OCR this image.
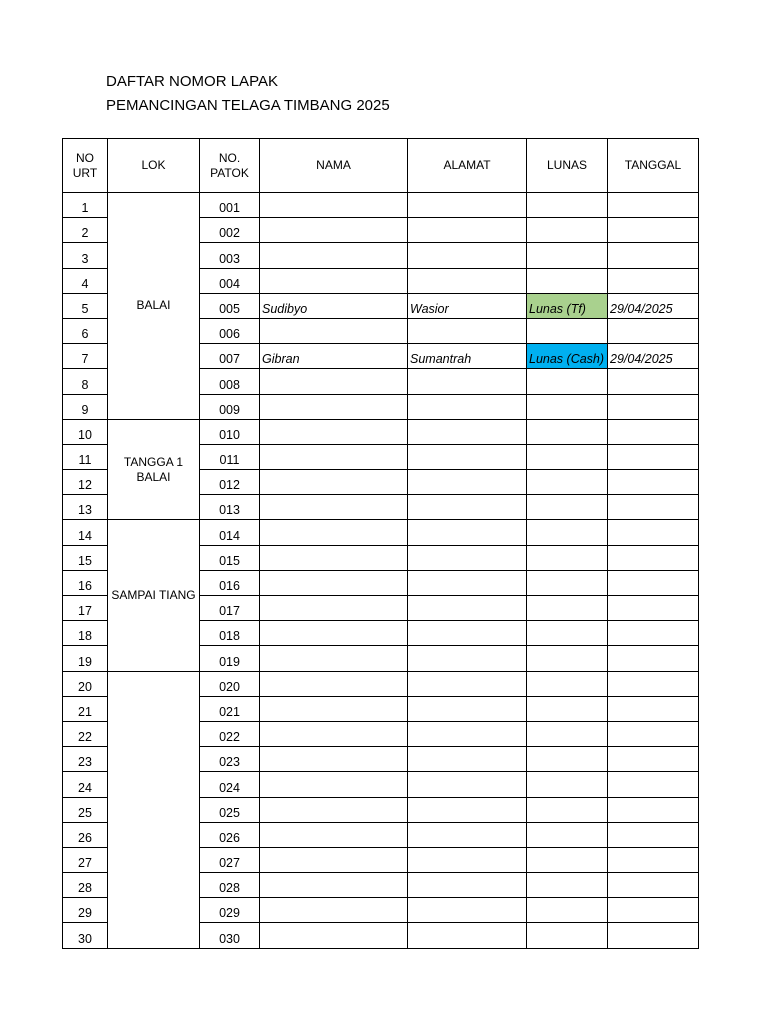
DAFTAR NOMOR LAPAK
PEMANCINGAN TELAGA TIMBANG 2025
NO URT	LOK	NO. PATOK	NAMA	ALAMAT	LUNAS	TANGGAL
1	BALAI	001				
2		002				
3		003				
4		004				
5		005	Sudibyo	Wasior	Lunas (Tf)	29/04/2025
6		006				
7		007	Gibran	Sumantrah	Lunas (Cash)	29/04/2025
8		008				
9		009				
10	TANGGA 1 BALAI	010				
11		011				
12		012				
13		013				
14	SAMPAI TIANG	014				
15		015				
16		016				
17		017				
18		018				
19		019				
20		020				
21		021				
22		022				
23		023				
24		024				
25		025				
26		026				
27		027				
28		028				
29		029				
30		030				
